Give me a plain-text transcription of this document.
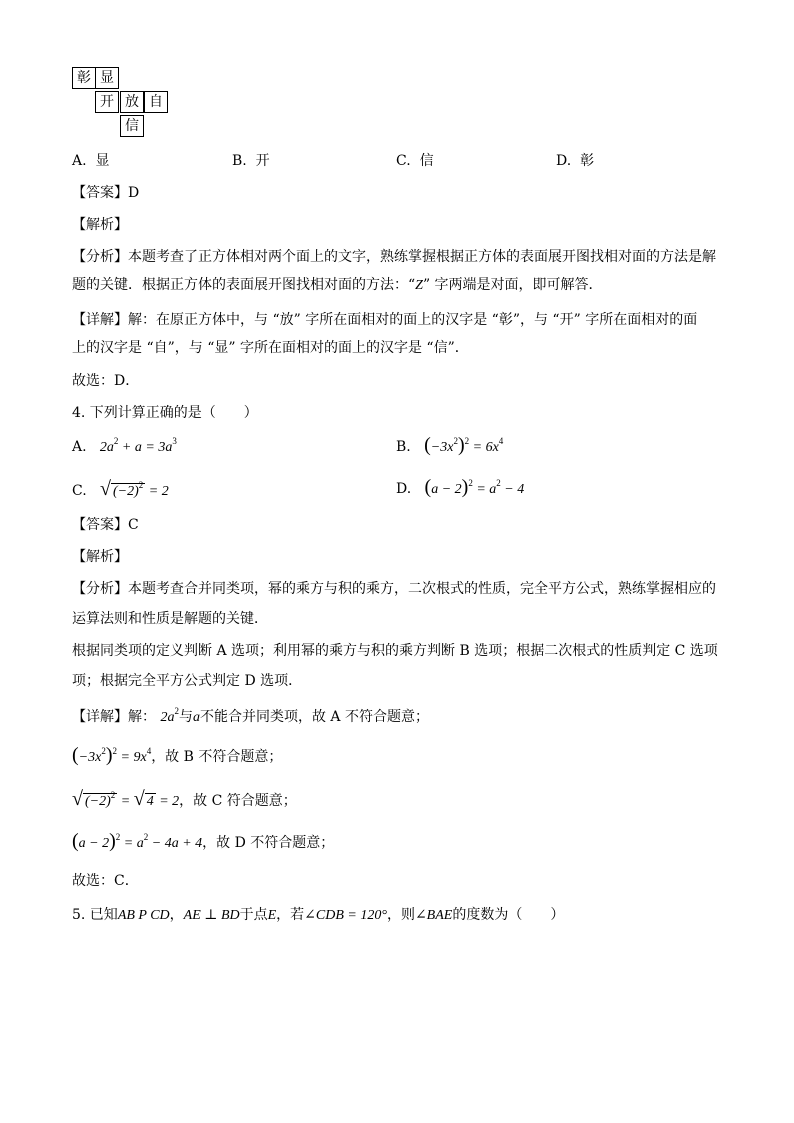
彰 显
开 放 自
信
A. 显	B. 开	C. 信	D. 彰
【答案】D
【解析】
【分析】本题考查了正方体相对两个面上的文字，熟练掌握根据正方体的表面展开图找相对面的方法是解
题的关键．根据正方体的表面展开图找相对面的方法：“Z” 字两端是对面，即可解答．
【详解】解：在原正方体中，与 “放” 字所在面相对的面上的汉字是 “彰”，与 “开” 字所在面相对的面
上的汉字是 “自”，与 “显” 字所在面相对的面上的汉字是 “信”．
故选：D．
4. 下列计算正确的是（　　）
A. $2a^2 + a = 3a^3$	B. $(-3x^2)^2 = 6x^4$
C. √ $(-2)^2 = 2$	D. $(a - 2)^2 = a^2 - 4$
【答案】C
【解析】
【分析】本题考查合并同类项，幂的乘方与积的乘方，二次根式的性质，完全平方公式，熟练掌握相应的
运算法则和性质是解题的关键．
根据同类项的定义判断 A 选项；利用幂的乘方与积的乘方判断 B 选项；根据二次根式的性质判定 C 选项
项；根据完全平方公式判定 D 选项．
【详解】解： $2a^2$与a不能合并同类项，故 A 不符合题意；
$(-3x^2)^2 = 9x^4$，故 B 不符合题意；
√ $(-2)^2$ = √ 4 = 2，故 C 符合题意；
$(a - 2)^2 = a^2 - 4a + 4$，故 D 不符合题意；
故选：C．
5. 已知AB P CD，AE ⊥ BD于点E，若∠CDB = 120°，则∠BAE的度数为（　　）
